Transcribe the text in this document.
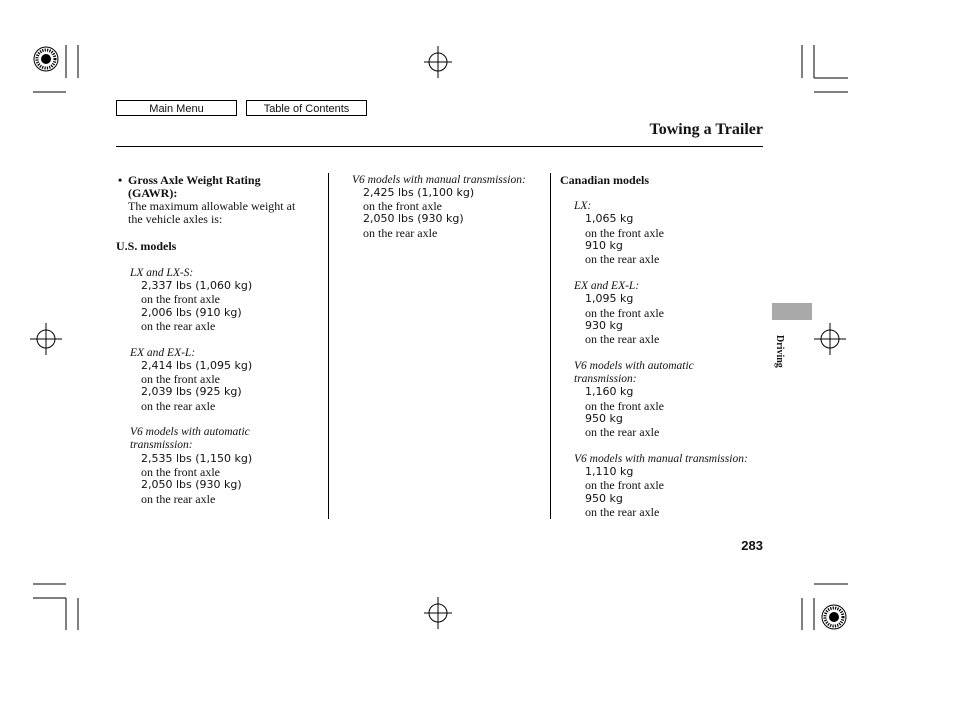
Main Menu	Table of Contents
Towing a Trailer
• Gross Axle Weight Rating
(GAWR):
The maximum allowable weight at
the vehicle axles is:
U.S. models
LX and LX-S:
2,337 lbs (1,060 kg)
on the front axle
2,006 lbs (910 kg)
on the rear axle
EX and EX-L:
2,414 lbs (1,095 kg)
on the front axle
2,039 lbs (925 kg)
on the rear axle
V6 models with automatic
transmission:
2,535 lbs (1,150 kg)
on the front axle
2,050 lbs (930 kg)
on the rear axle
V6 models with manual transmission:
2,425 lbs (1,100 kg)
on the front axle
2,050 lbs (930 kg)
on the rear axle
Canadian models
LX:
1,065 kg
on the front axle
910 kg
on the rear axle
EX and EX-L:
1,095 kg
on the front axle
930 kg
on the rear axle
V6 models with automatic
transmission:
1,160 kg
on the front axle
950 kg
on the rear axle
V6 models with manual transmission:
1,110 kg
on the front axle
950 kg
on the rear axle
Driving
283
